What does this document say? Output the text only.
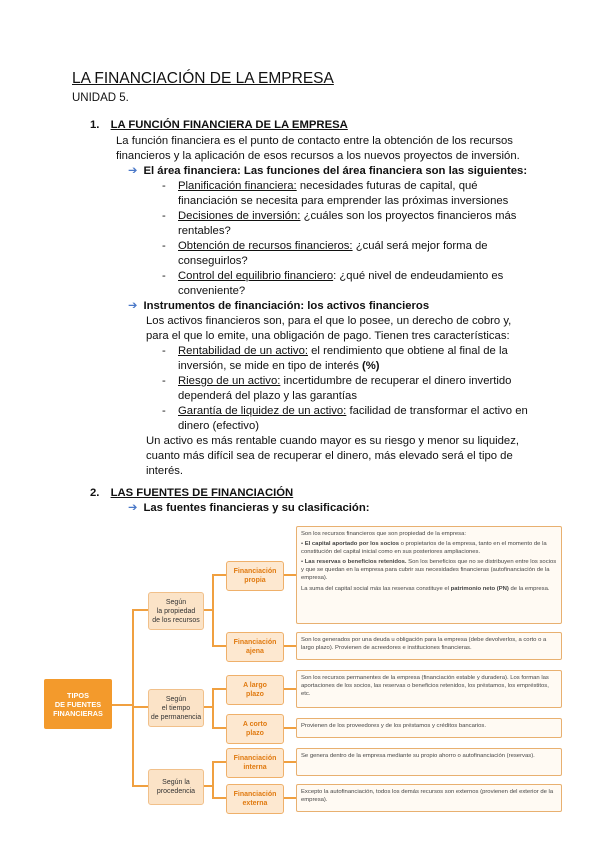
LA FINANCIACIÓN DE LA EMPRESA
UNIDAD 5.
1. LA FUNCIÓN FINANCIERA DE LA EMPRESA
La función financiera es el punto de contacto entre la obtención de los recursos
financieros y la aplicación de esos recursos a los nuevos proyectos de inversión.
➔ El área financiera: Las funciones del área financiera son las siguientes:
- Planificación financiera: necesidades futuras de capital, qué
financiación se necesita para emprender las próximas inversiones
- Decisiones de inversión: ¿cuáles son los proyectos financieros más
rentables?
- Obtención de recursos financieros: ¿cuál será mejor forma de
conseguirlos?
- Control del equilibrio financiero: ¿qué nivel de endeudamiento es
conveniente?
➔ Instrumentos de financiación: los activos financieros
Los activos financieros son, para el que lo posee, un derecho de cobro y,
para el que lo emite, una obligación de pago. Tienen tres características:
- Rentabilidad de un activo: el rendimiento que obtiene al final de la
inversión, se mide en tipo de interés (%)
- Riesgo de un activo: incertidumbre de recuperar el dinero invertido
dependerá del plazo y las garantías
- Garantía de liquidez de un activo: facilidad de transformar el activo en
dinero (efectivo)
Un activo es más rentable cuando mayor es su riesgo y menor su liquidez,
cuanto más difícil sea de recuperar el dinero, más elevado será el tipo de
interés.
2. LAS FUENTES DE FINANCIACIÓN
➔ Las fuentes financieras y su clasificación:
TIPOS
DE FUENTES
FINANCIERAS
Según
la propiedad
de los recursos
Según
el tiempo
de permanencia
Según la
procedencia
Financiación
propia
Financiación
ajena
A largo
plazo
A corto
plazo
Financiación
interna
Financiación
externa
Son los recursos financieros que son propiedad de la empresa:
• El capital aportado por los socios o propietarios de la empresa, tanto en el momento de la constitución del capital inicial como en sus posteriores ampliaciones.
• Las reservas o beneficios retenidos. Son los beneficios que no se distribuyen entre los socios y que se quedan en la empresa para cubrir sus necesidades financieras (autofinanciación de la empresa).
La suma del capital social más las reservas constituye el patrimonio neto (PN) de la empresa.
Son los generados por una deuda u obligación para la empresa (debe devolverlos, a corto o a largo plazo). Provienen de acreedores e instituciones financieras.
Son los recursos permanentes de la empresa (financiación estable y duradera). Los forman las aportaciones de los socios, las reservas o beneficios retenidos, los préstamos, los empréstitos, etc.
Provienen de los proveedores y de los préstamos y créditos bancarios.
Se genera dentro de la empresa mediante su propio ahorro o autofinanciación (reservas).
Excepto la autofinanciación, todos los demás recursos son externos (provienen del exterior de la empresa).
